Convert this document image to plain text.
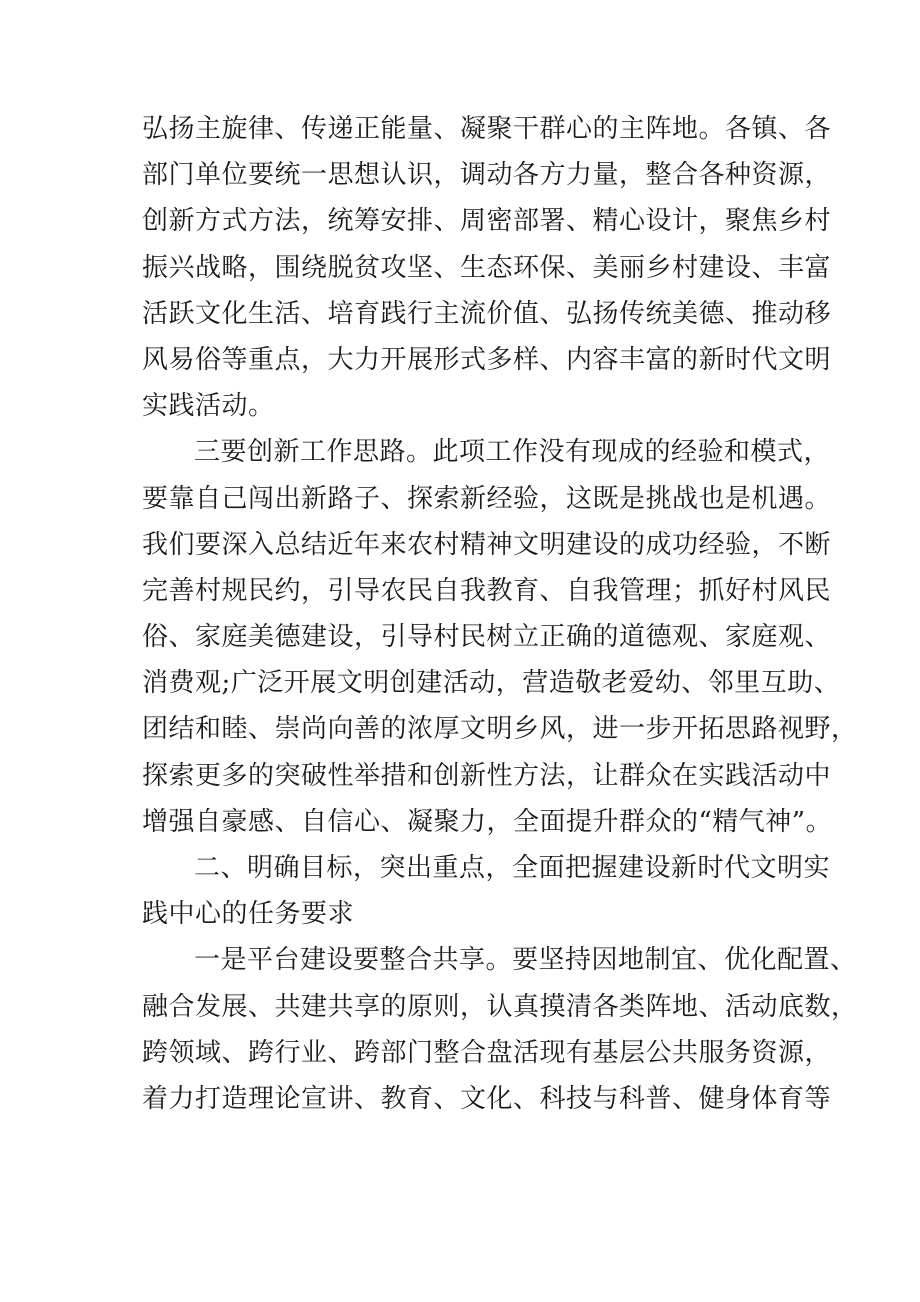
弘扬主旋律、传递正能量、凝聚干群心的主阵地。各镇、各
部门单位要统一思想认识，调动各方力量，整合各种资源，
创新方式方法，统筹安排、周密部署、精心设计，聚焦乡村
振兴战略，围绕脱贫攻坚、生态环保、美丽乡村建设、丰富
活跃文化生活、培育践行主流价值、弘扬传统美德、推动移
风易俗等重点，大力开展形式多样、内容丰富的新时代文明
实践活动。
三要创新工作思路。此项工作没有现成的经验和模式，
要靠自己闯出新路子、探索新经验，这既是挑战也是机遇。
我们要深入总结近年来农村精神文明建设的成功经验，不断
完善村规民约，引导农民自我教育、自我管理；抓好村风民
俗、家庭美德建设，引导村民树立正确的道德观、家庭观、
消费观;广泛开展文明创建活动，营造敬老爱幼、邻里互助、
团结和睦、崇尚向善的浓厚文明乡风，进一步开拓思路视野，
探索更多的突破性举措和创新性方法，让群众在实践活动中
增强自豪感、自信心、凝聚力，全面提升群众的“精气神”。
二、明确目标，突出重点，全面把握建设新时代文明实
践中心的任务要求
一是平台建设要整合共享。要坚持因地制宜、优化配置、
融合发展、共建共享的原则，认真摸清各类阵地、活动底数，
跨领域、跨行业、跨部门整合盘活现有基层公共服务资源，
着力打造理论宣讲、教育、文化、科技与科普、健身体育等
